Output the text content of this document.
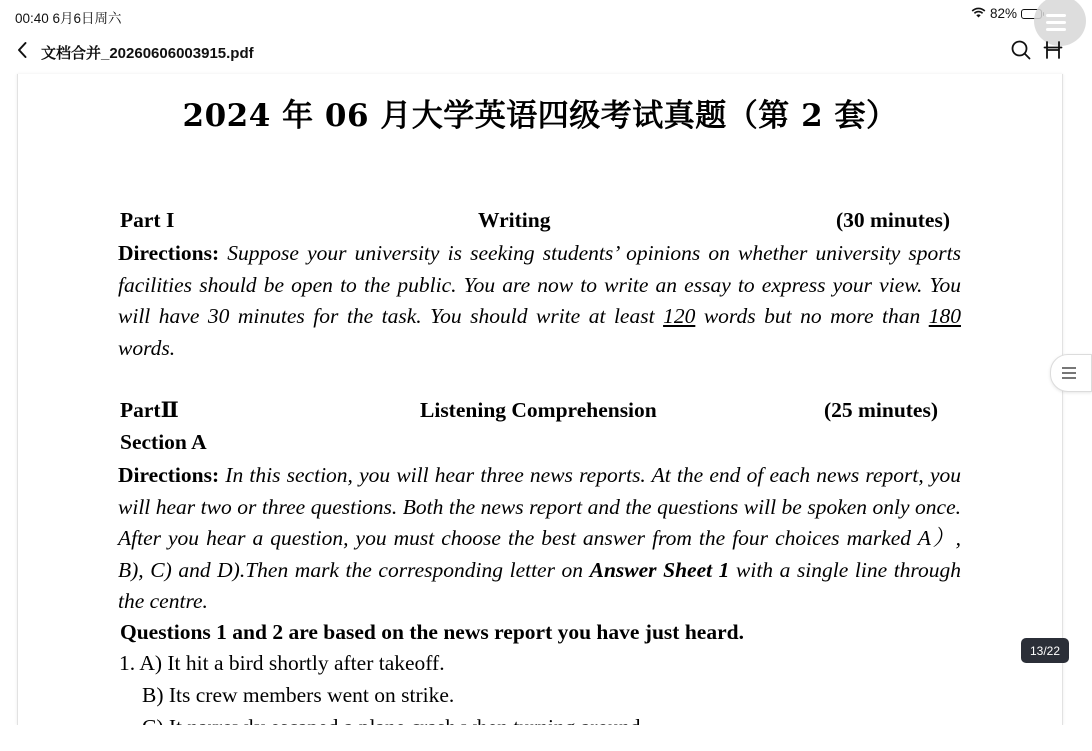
00:40 6月6日周六	82%
文档合并_20260606003915.pdf
2024 年 06 月大学英语四级考试真题（第 2 套）
Part I	Writing	(30 minutes)
Directions: Suppose your university is seeking students’ opinions on whether university sports facilities should be open to the public. You are now to write an essay to express your view. You will have 30 minutes for the task. You should write at least 120 words but no more than 180 words.
PartⅡ	Listening Comprehension	(25 minutes)
Section A
Directions: In this section, you will hear three news reports. At the end of each news report, you will hear two or three questions. Both the news report and the questions will be spoken only once. After you hear a question, you must choose the best answer from the four choices marked A）, B), C) and D).Then mark the corresponding letter on Answer Sheet 1 with a single line through the centre.
Questions 1 and 2 are based on the news report you have just heard.
1. A) It hit a bird shortly after takeoff.
B) Its crew members went on strike.
13/22
